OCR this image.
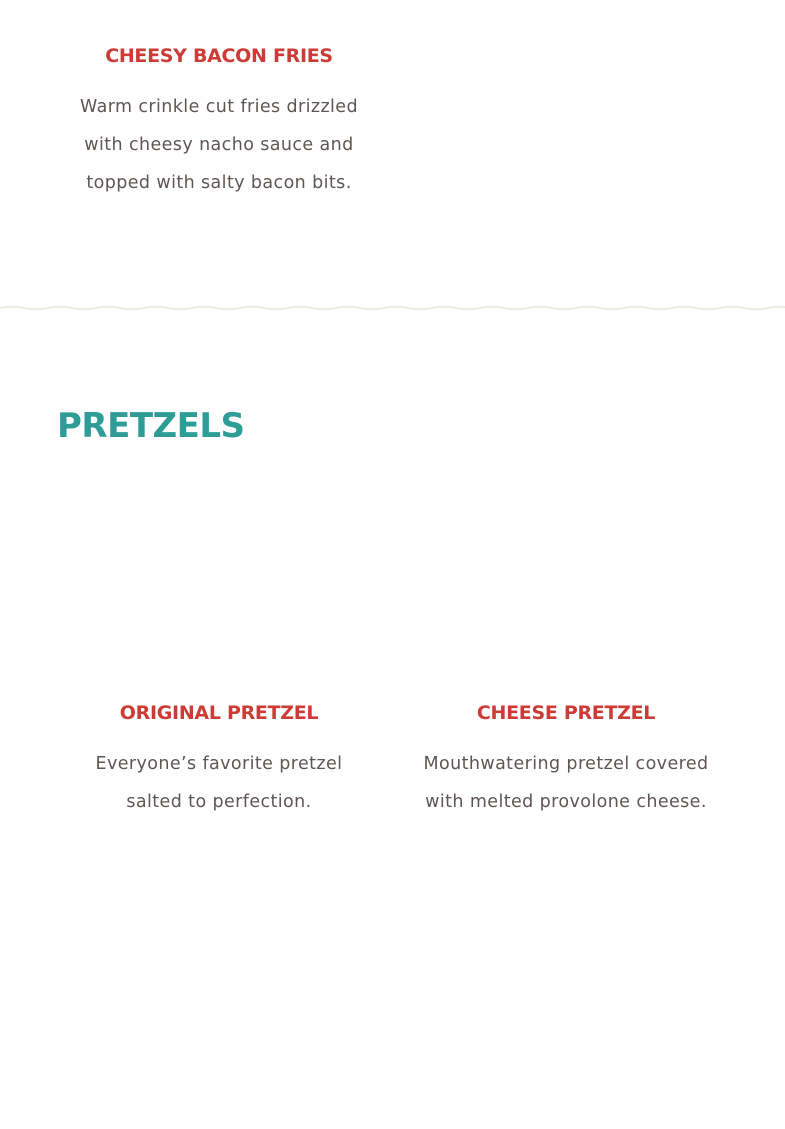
CHEESY BACON FRIES

Warm crinkle cut fries drizzled with cheesy nacho sauce and topped with salty bacon bits.

PRETZELS
ORIGINAL PRETZEL

Everyone’s favorite pretzel salted to perfection.

CHEESE PRETZEL

Mouthwatering pretzel covered with melted provolone cheese.
